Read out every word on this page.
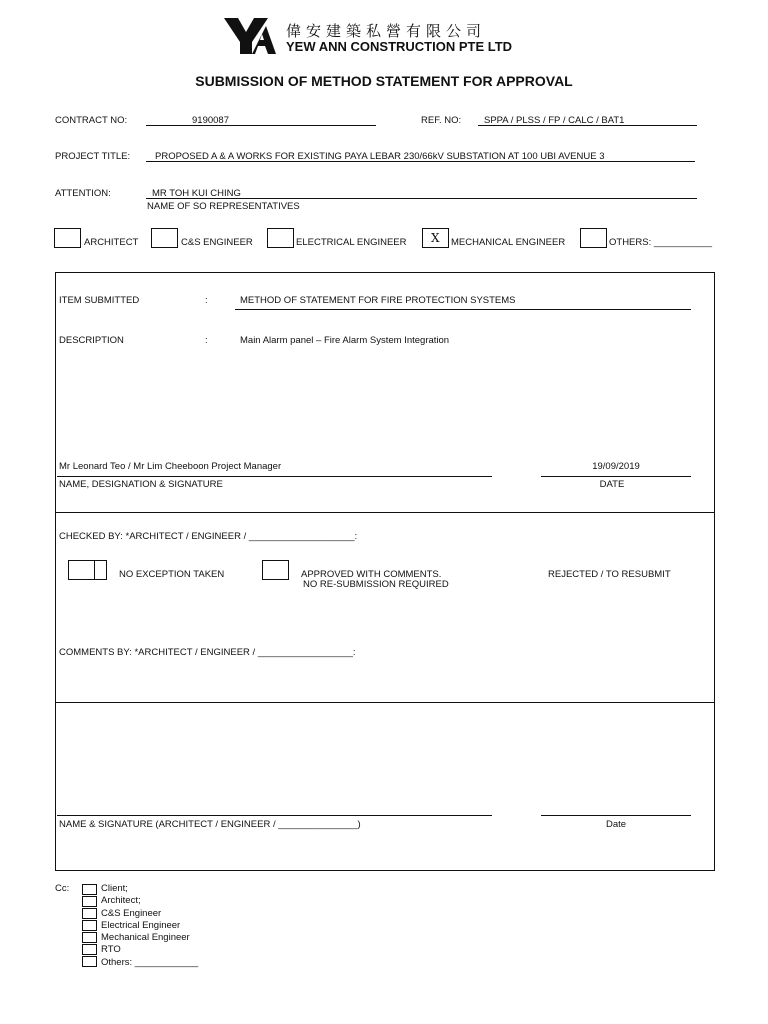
偉安建築私營有限公司
YEW ANN CONSTRUCTION PTE LTD
SUBMISSION OF METHOD STATEMENT FOR APPROVAL
CONTRACT NO:	9190087	REF. NO: SPPA / PLSS / FP / CALC / BAT1
PROJECT TITLE:	PROPOSED A & A WORKS FOR EXISTING PAYA LEBAR 230/66kV SUBSTATION AT 100 UBI AVENUE 3
ATTENTION:	MR TOH KUI CHING
NAME OF SO REPRESENTATIVES
ARCHITECT	C&S ENGINEER	ELECTRICAL ENGINEER X MECHANICAL ENGINEER	OTHERS: ___________
ITEM SUBMITTED	:	METHOD OF STATEMENT FOR FIRE PROTECTION SYSTEMS
DESCRIPTION	:	Main Alarm panel – Fire Alarm System Integration
Mr Leonard Teo / Mr Lim Cheeboon Project Manager
NAME, DESIGNATION & SIGNATURE
19/09/2019
DATE
CHECKED BY: *ARCHITECT / ENGINEER / ____________________:
NO EXCEPTION TAKEN	APPROVED WITH COMMENTS.
NO RE-SUBMISSION REQUIRED
REJECTED / TO RESUBMIT
COMMENTS BY: *ARCHITECT / ENGINEER / __________________:
NAME & SIGNATURE (ARCHITECT / ENGINEER / _______________)	Date
Cc:	Client;
Architect;
C&S Engineer
Electrical Engineer
Mechanical Engineer
RTO
Others: ____________
